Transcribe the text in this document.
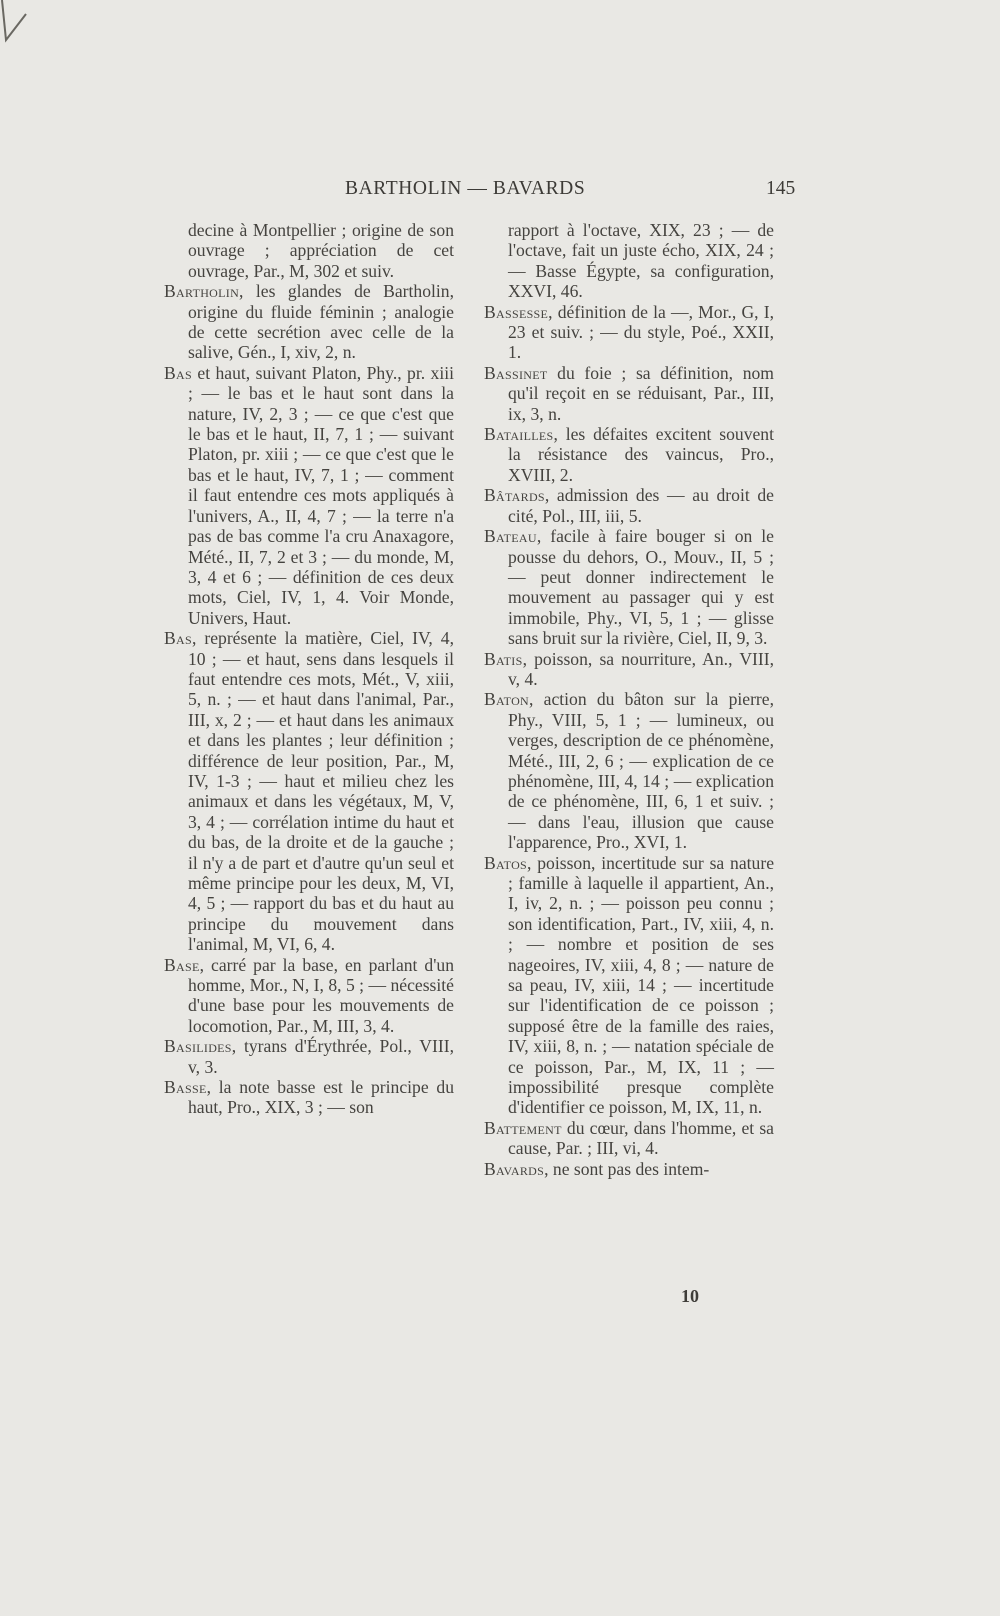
BARTHOLIN — BAVARDS	145

decine à Montpellier ; origine de son ouvrage ; appréciation de cet ouvrage, Par., M, 302 et suiv.

Bartholin, les glandes de Bartholin, origine du fluide féminin ; analogie de cette secrétion avec celle de la salive, Gén., I, xiv, 2, n.

Bas et haut, suivant Platon, Phy., pr. xiii ; — le bas et le haut sont dans la nature, IV, 2, 3 ; — ce que c'est que le bas et le haut, II, 7, 1 ; — suivant Platon, pr. xiii ; — ce que c'est que le bas et le haut, IV, 7, 1 ; — comment il faut entendre ces mots appliqués à l'univers, A., II, 4, 7 ; — la terre n'a pas de bas comme l'a cru Anaxagore, Mété., II, 7, 2 et 3 ; — du monde, M, 3, 4 et 6 ; — définition de ces deux mots, Ciel, IV, 1, 4. Voir Monde, Univers, Haut.

Bas, représente la matière, Ciel, IV, 4, 10 ; — et haut, sens dans lesquels il faut entendre ces mots, Mét., V, xiii, 5, n. ; — et haut dans l'animal, Par., III, x, 2 ; — et haut dans les animaux et dans les plantes ; leur définition ; différence de leur position, Par., M, IV, 1-3 ; — haut et milieu chez les animaux et dans les végétaux, M, V, 3, 4 ; — corrélation intime du haut et du bas, de la droite et de la gauche ; il n'y a de part et d'autre qu'un seul et même principe pour les deux, M, VI, 4, 5 ; — rapport du bas et du haut au principe du mouvement dans l'animal, M, VI, 6, 4.

Base, carré par la base, en parlant d'un homme, Mor., N, I, 8, 5 ; — nécessité d'une base pour les mouvements de locomotion, Par., M, III, 3, 4.

Basilides, tyrans d'Érythrée, Pol., VIII, v, 3.

Basse, la note basse est le principe du haut, Pro., XIX, 3 ; — son

rapport à l'octave, XIX, 23 ; — de l'octave, fait un juste écho, XIX, 24 ; — Basse Égypte, sa configuration, XXVI, 46.

Bassesse, définition de la —, Mor., G, I, 23 et suiv. ; — du style, Poé., XXII, 1.

Bassinet du foie ; sa définition, nom qu'il reçoit en se réduisant, Par., III, ix, 3, n.

Batailles, les défaites excitent souvent la résistance des vaincus, Pro., XVIII, 2.

Bâtards, admission des — au droit de cité, Pol., III, iii, 5.

Bateau, facile à faire bouger si on le pousse du dehors, O., Mouv., II, 5 ; — peut donner indirectement le mouvement au passager qui y est immobile, Phy., VI, 5, 1 ; — glisse sans bruit sur la rivière, Ciel, II, 9, 3.

Batis, poisson, sa nourriture, An., VIII, v, 4.

Baton, action du bâton sur la pierre, Phy., VIII, 5, 1 ; — lumineux, ou verges, description de ce phénomène, Mété., III, 2, 6 ; — explication de ce phénomène, III, 4, 14 ; — explication de ce phénomène, III, 6, 1 et suiv. ; — dans l'eau, illusion que cause l'apparence, Pro., XVI, 1.

Batos, poisson, incertitude sur sa nature ; famille à laquelle il appartient, An., I, iv, 2, n. ; — poisson peu connu ; son identification, Part., IV, xiii, 4, n. ; — nombre et position de ses nageoires, IV, xiii, 4, 8 ; — nature de sa peau, IV, xiii, 14 ; — incertitude sur l'identification de ce poisson ; supposé être de la famille des raies, IV, xiii, 8, n. ; — natation spéciale de ce poisson, Par., M, IX, 11 ; — impossibilité presque complète d'identifier ce poisson, M, IX, 11, n.

Battement du cœur, dans l'homme, et sa cause, Par. ; III, vi, 4.

Bavards, ne sont pas des intem-

10
